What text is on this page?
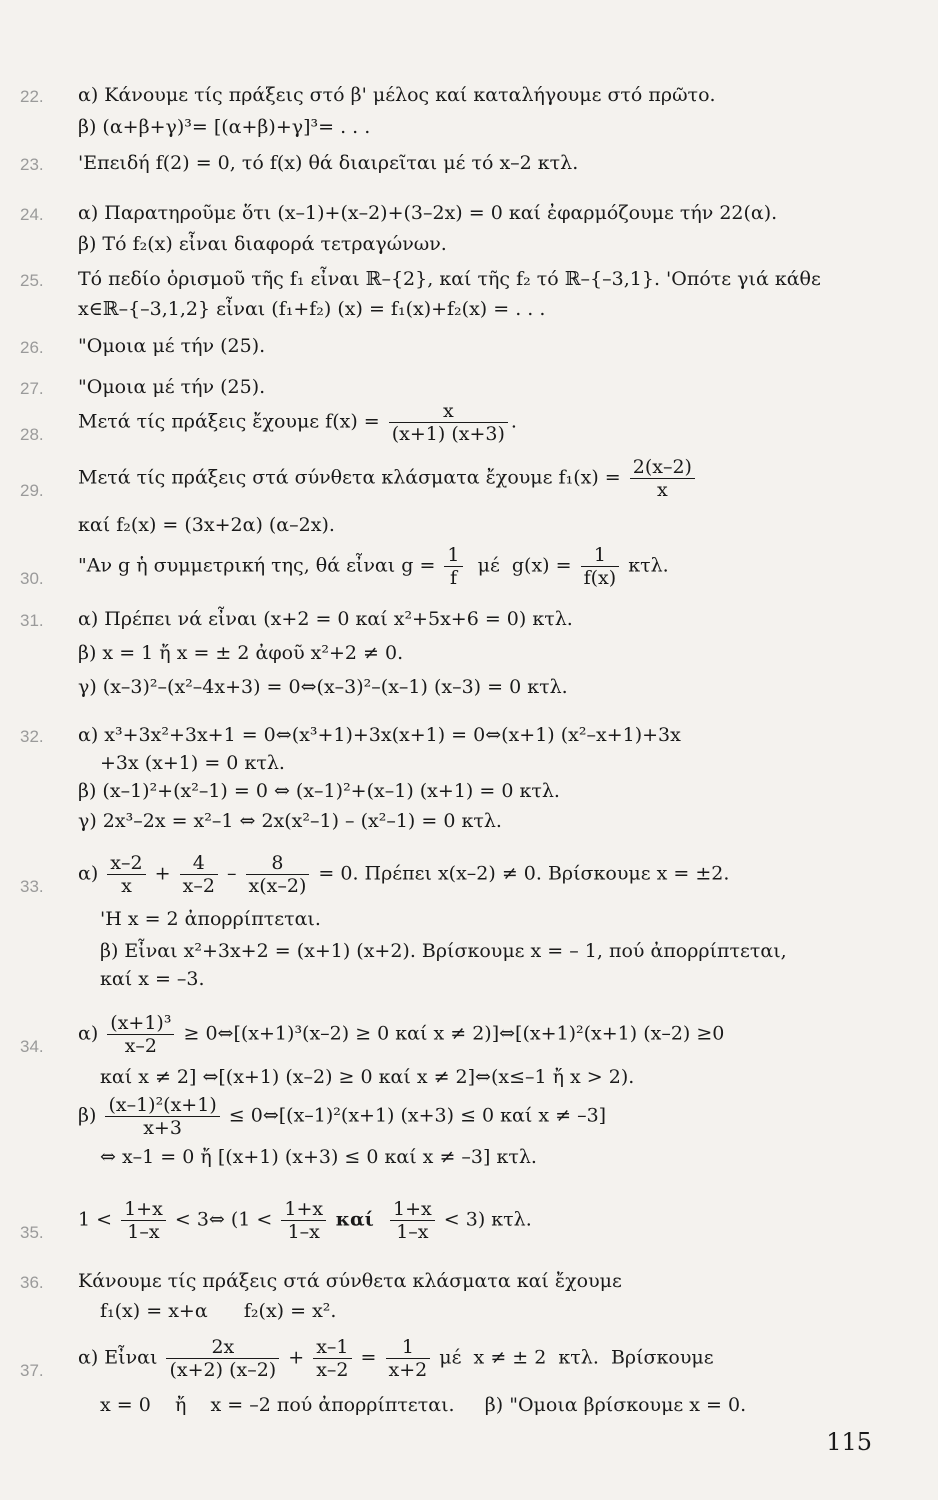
22.	α) Κάνουμε τίς πράξεις στό β' μέλος καί καταλήγουμε στό πρῶτο.
β) (α+β+γ)³= [(α+β)+γ]³= . . .
23.	'Επειδή f(2) = 0, τό f(x) θά διαιρεῖται μέ τό x–2 κτλ.
24.	α) Παρατηροῦμε ὅτι (x–1)+(x–2)+(3–2x) = 0 καί ἐφαρμόζουμε τήν 22(α).
β) Τό f₂(x) εἶναι διαφορά τετραγώνων.
25.	Τό πεδίο ὁρισμοῦ τῆς f₁ εἶναι ℝ–{2}, καί τῆς f₂ τό ℝ–{–3,1}. 'Οπότε γιά κάθε
x∈ℝ–{–3,1,2} εἶναι (f₁+f₂) (x) = f₁(x)+f₂(x) = . . .
26.	"Ομοια μέ τήν (25).
27.	"Ομοια μέ τήν (25).
28.
Μετά τίς πράξεις ἔχουμε $f(x) = \frac{x}{(x+1) (x+3)}$ .
29.
Μετά τίς πράξεις στά σύνθετα κλάσματα ἔχουμε $f_1(x) = \frac{2(x-2)}{x}$
καί f₂(x) = (3x+2α) (α–2x).
30.
"Αν g ἡ συμμετρική της, θά εἶναι $g = \frac{1}{f}$ μέ  $g(x) = \frac{1}{f(x)} \kappa\tau\lambda$.
31.	α) Πρέπει νά εἶναι (x+2 = 0 καί x²+5x+6 = 0) κτλ.
β) x = 1 ἤ x = ± 2 ἀφοῦ x²+2 ≠ 0.
γ) (x–3)²–(x²–4x+3) = 0⇔(x–3)²–(x–1) (x–3) = 0 κτλ.
32.	α) x³+3x²+3x+1 = 0⇔(x³+1)+3x(x+1) = 0⇔(x+1) (x²–x+1)+3x
+3x (x+1) = 0 κτλ.
β) (x–1)²+(x²–1) = 0 ⇔ (x–1)²+(x–1) (x+1) = 0 κτλ.
γ) 2x³–2x = x²–1 ⇔ 2x(x²–1) – (x²–1) = 0 κτλ.
33.
$\alpha) \frac{x-2}{x} + \frac{4}{x-2} - \frac{8}{x(x-2)} = 0$. Πρέπει x(x–2) ≠ 0. Βρίσκουμε x = ±2.
'Η x = 2 ἀπορρίπτεται.
β) Εἶναι x²+3x+2 = (x+1) (x+2). Βρίσκουμε x = – 1, πού ἀπορρίπτεται,
καί x = –3.
34.
$\alpha) \frac{\text{(x+1)³}}{x-2}$ ≥ 0⇔[(x+1)³(x–2) ≥ 0 καί x ≠ 2)]⇔[(x+1)²(x+1) (x–2) ≥0
καί x ≠ 2] ⇔[(x+1) (x–2) ≥ 0 καί x ≠ 2]⇔(x≤–1 ἤ x > 2).
$\beta) \frac{\text{(x–1)²(x+1)}}{x+3}$ ≤ 0⇔[(x–1)²(x+1) (x+3) ≤ 0 καί x ≠ –3]
⇔ x–1 = 0 ἤ [(x+1) (x+3) ≤ 0 καί x ≠ –3] κτλ.
35.
$1 < \frac{1+x}{1-x}$ < 3⇔ ($1 < \frac{1+x}{1-x}$ καί $\frac{1+x}{1-x} < 3$) κτλ.
36.	Κάνουμε τίς πράξεις στά σύνθετα κλάσματα καί ἔχουμε
f₁(x) = x+α      f₂(x) = x².
37.
α) Εἶναι $\frac{2x}{(x+2) (x-2)} + \frac{x-1}{x-2} = \frac{1}{x+2}$ μέ  x ≠ ± 2  κτλ.  Βρίσκουμε
x = 0    ἤ    x = –2 πού ἀπορρίπτεται.     β) "Ομοια βρίσκουμε x = 0.
115
